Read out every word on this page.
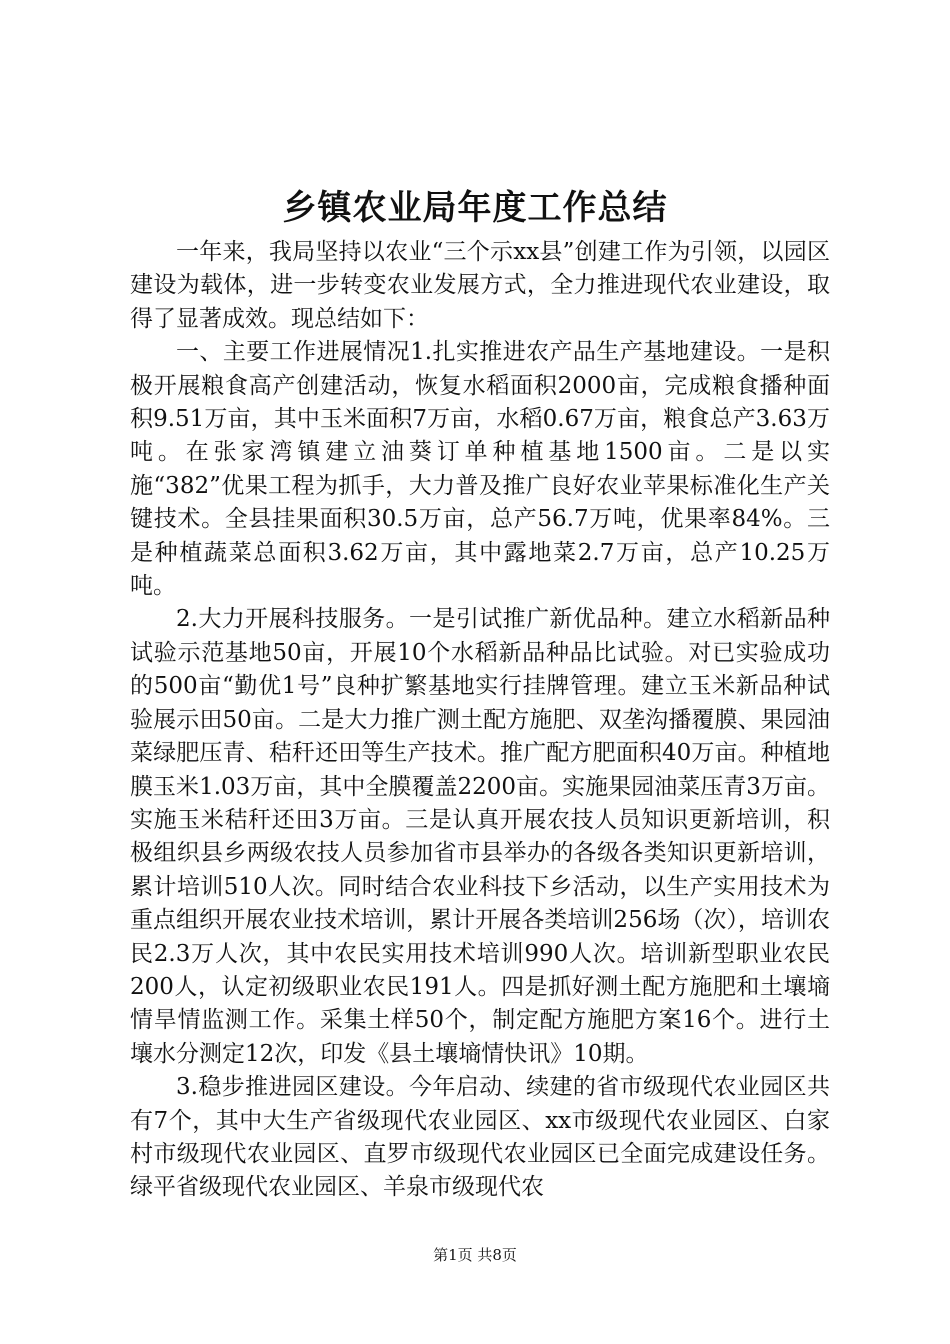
乡镇农业局年度工作总结

一年来，我局坚持以农业“三个示xx县”创建工作为引领，以园区建设为载体，进一步转变农业发展方式，全力推进现代农业建设，取得了显著成效。现总结如下：

一、主要工作进展情况1.扎实推进农产品生产基地建设。一是积极开展粮食高产创建活动，恢复水稻面积2000亩，完成粮食播种面积9.51万亩，其中玉米面积7万亩，水稻0.67万亩，粮食总产3.63万吨。在张家湾镇建立油葵订单种植基地1500亩。二是以实施“382”优果工程为抓手，大力普及推广良好农业苹果标准化生产关键技术。全县挂果面积30.5万亩，总产56.7万吨，优果率84%。三是种植蔬菜总面积3.62万亩，其中露地菜2.7万亩，总产10.25万吨。

2.大力开展科技服务。一是引试推广新优品种。建立水稻新品种试验示范基地50亩，开展10个水稻新品种品比试验。对已实验成功的500亩“勤优1号”良种扩繁基地实行挂牌管理。建立玉米新品种试验展示田50亩。二是大力推广测土配方施肥、双垄沟播覆膜、果园油菜绿肥压青、秸秆还田等生产技术。推广配方肥面积40万亩。种植地膜玉米1.03万亩，其中全膜覆盖2200亩。实施果园油菜压青3万亩。实施玉米秸秆还田3万亩。三是认真开展农技人员知识更新培训，积极组织县乡两级农技人员参加省市县举办的各级各类知识更新培训，累计培训510人次。同时结合农业科技下乡活动，以生产实用技术为重点组织开展农业技术培训，累计开展各类培训256场（次），培训农民2.3万人次，其中农民实用技术培训990人次。培训新型职业农民200人，认定初级职业农民191人。四是抓好测土配方施肥和土壤墒情旱情监测工作。采集土样50个，制定配方施肥方案16个。进行土壤水分测定12次，印发《县土壤墒情快讯》10期。

3.稳步推进园区建设。今年启动、续建的省市级现代农业园区共有7个，其中大生产省级现代农业园区、xx市级现代农业园区、白家村市级现代农业园区、直罗市级现代农业园区已全面完成建设任务。绿平省级现代农业园区、羊泉市级现代农

第1页 共8页
